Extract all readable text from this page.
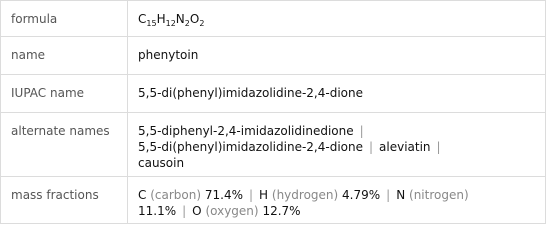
formula	$C_{15}H_{12}N_2O_2$
name	phenytoin
IUPAC name	5,5-di(phenyl)imidazolidine-2,4-dione
alternate names	5,5-diphenyl-2,4-imidazolidinedione |
5,5-di(phenyl)imidazolidine-2,4-dione | aleviatin |
causoin
mass fractions	C (carbon) 71.4% | H (hydrogen) 4.79% | N (nitrogen)
11.1% | O (oxygen) 12.7%
